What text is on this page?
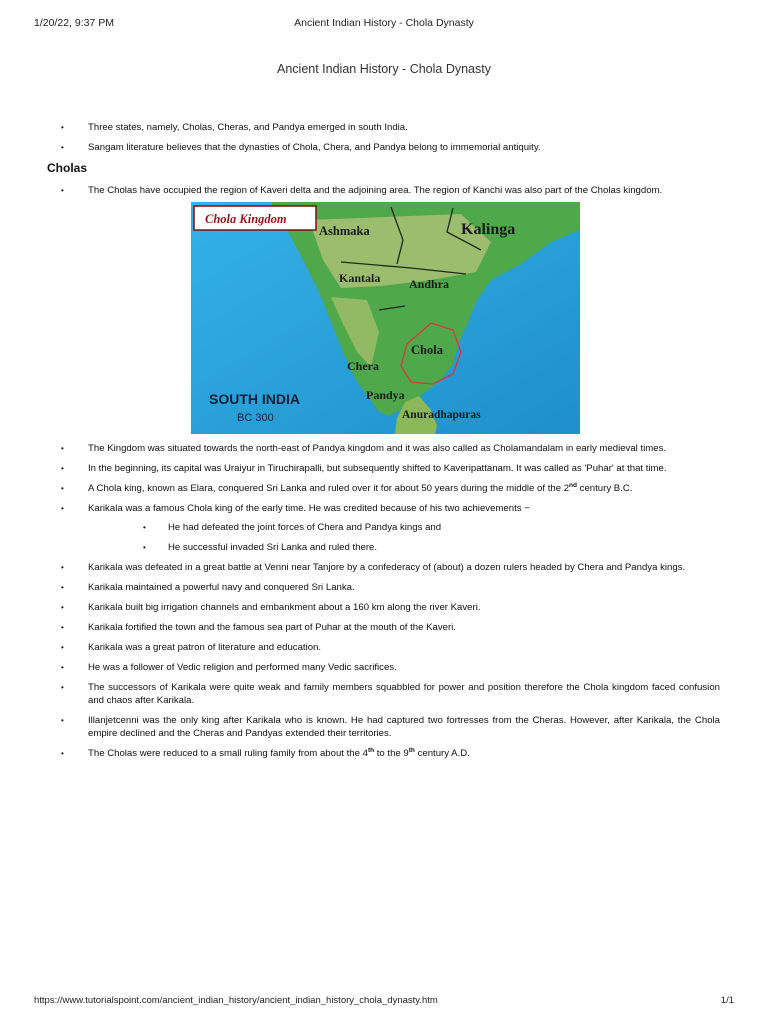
1/20/22, 9:37 PM	Ancient Indian History - Chola Dynasty
Ancient Indian History - Chola Dynasty
• Three states, namely, Cholas, Cheras, and Pandya emerged in south India.
• Sangam literature believes that the dynasties of Chola, Chera, and Pandya belong to immemorial antiquity.
Cholas
• The Cholas have occupied the region of Kaveri delta and the adjoining area. The region of Kanchi was also part of the Cholas kingdom.
Chola Kingdom
Ashmaka	Kalinga
Kantala Andhra
Chola
Chera
Pandya
Anuradhapuras
SOUTH INDIA
BC 300
• The Kingdom was situated towards the north-east of Pandya kingdom and it was also called as Cholamandalam in early medieval times.
• In the beginning, its capital was Uraiyur in Tiruchirapalli, but subsequently shifted to Kaveripattanam. It was called as 'Puhar' at that time.
• A Chola king, known as Elara, conquered Sri Lanka and ruled over it for about 50 years during the middle of the 2nd century B.C.
• Karikala was a famous Chola king of the early time. He was credited because of his two achievements −
• He had defeated the joint forces of Chera and Pandya kings and
• He successful invaded Sri Lanka and ruled there.
• Karikala was defeated in a great battle at Venni near Tanjore by a confederacy of (about) a dozen rulers headed by Chera and Pandya kings.
• Karikala maintained a powerful navy and conquered Sri Lanka.
• Karikala built big irrigation channels and embankment about a 160 km along the river Kaveri.
• Karikala fortified the town and the famous sea part of Puhar at the mouth of the Kaveri.
• Karikala was a great patron of literature and education.
• He was a follower of Vedic religion and performed many Vedic sacrifices.
• The successors of Karikala were quite weak and family members squabbled for power and position therefore the Chola kingdom faced confusion and chaos after Karikala.
• Illanjetcenni was the only king after Karikala who is known. He had captured two fortresses from the Cheras. However, after Karikala, the Chola empire declined and the Cheras and Pandyas extended their territories.
• The Cholas were reduced to a small ruling family from about the 4th to the 9th century A.D.
https://www.tutorialspoint.com/ancient_indian_history/ancient_indian_history_chola_dynasty.htm	1/1
